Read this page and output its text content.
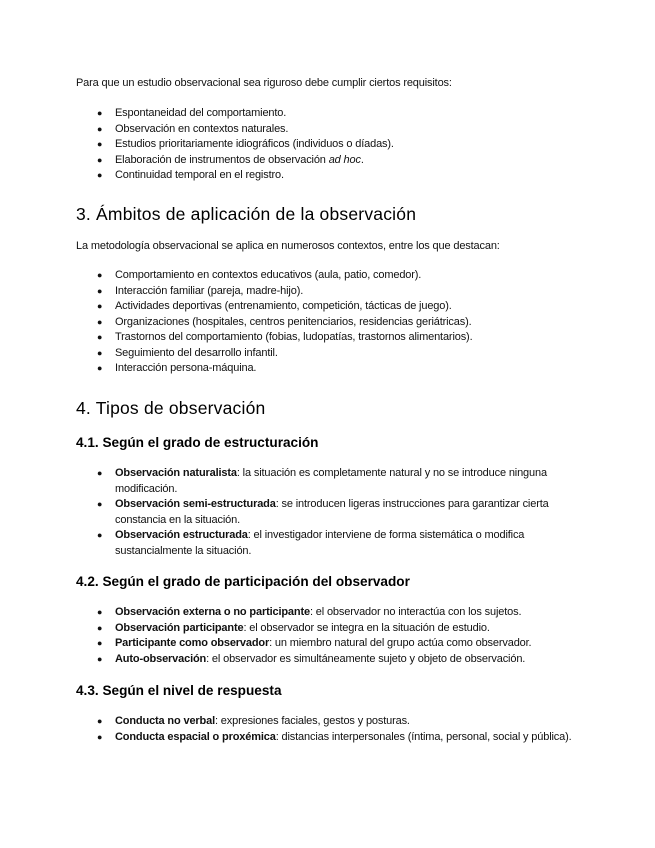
Para que un estudio observacional sea riguroso debe cumplir ciertos requisitos:
● Espontaneidad del comportamiento.
● Observación en contextos naturales.
● Estudios prioritariamente idiográficos (individuos o díadas).
● Elaboración de instrumentos de observación ad hoc.
● Continuidad temporal en el registro.
3. Ámbitos de aplicación de la observación
La metodología observacional se aplica en numerosos contextos, entre los que destacan:
● Comportamiento en contextos educativos (aula, patio, comedor).
● Interacción familiar (pareja, madre-hijo).
● Actividades deportivas (entrenamiento, competición, tácticas de juego).
● Organizaciones (hospitales, centros penitenciarios, residencias geriátricas).
● Trastornos del comportamiento (fobias, ludopatías, trastornos alimentarios).
● Seguimiento del desarrollo infantil.
● Interacción persona-máquina.
4. Tipos de observación
4.1. Según el grado de estructuración
● Observación naturalista: la situación es completamente natural y no se introduce ninguna modificación.
● Observación semi-estructurada: se introducen ligeras instrucciones para garantizar cierta constancia en la situación.
● Observación estructurada: el investigador interviene de forma sistemática o modifica sustancialmente la situación.
4.2. Según el grado de participación del observador
● Observación externa o no participante: el observador no interactúa con los sujetos.
● Observación participante: el observador se integra en la situación de estudio.
● Participante como observador: un miembro natural del grupo actúa como observador.
● Auto-observación: el observador es simultáneamente sujeto y objeto de observación.
4.3. Según el nivel de respuesta
● Conducta no verbal: expresiones faciales, gestos y posturas.
● Conducta espacial o proxémica: distancias interpersonales (íntima, personal, social y pública).
